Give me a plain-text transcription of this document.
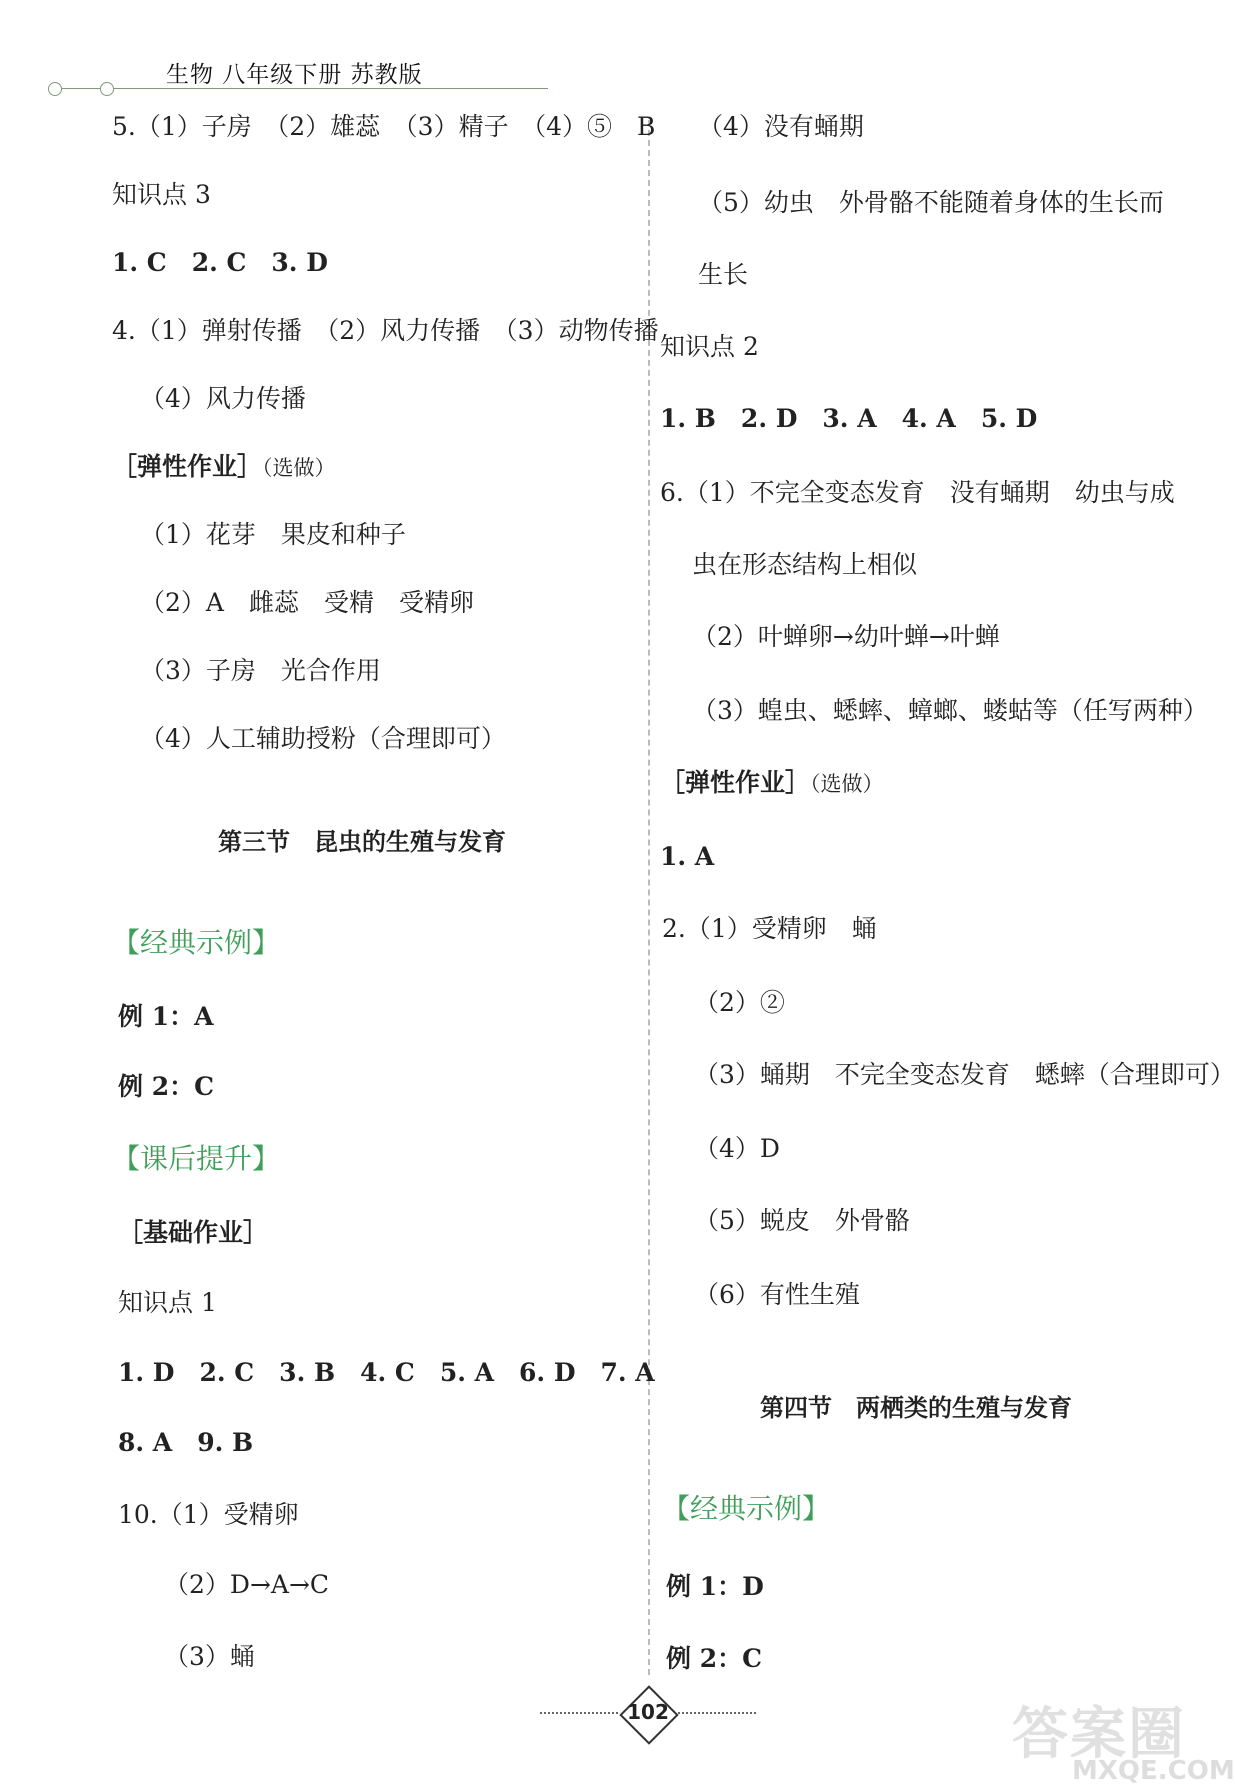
生物 八年级下册 苏教版
5.（1）子房　（2）雄蕊　（3）精子　（4）⑤　B
知识点 3
1. C　2. C　3. D
4.（1）弹射传播　（2）风力传播　（3）动物传播
（4）风力传播
［弹性作业］（选做）
（1）花芽　果皮和种子
（2）A　雌蕊　受精　受精卵
（3）子房　光合作用
（4）人工辅助授粉（合理即可）
第三节　昆虫的生殖与发育
【经典示例】
例 1：A
例 2：C
【课后提升】
［基础作业］
知识点 1
1. D　2. C　3. B　4. C　5. A　6. D　7. A
8. A　9. B
10.（1）受精卵
（2）D→A→C
（3）蛹
（4）没有蛹期
（5）幼虫　外骨骼不能随着身体的生长而
生长
知识点 2
1. B　2. D　3. A　4. A　5. D
6.（1）不完全变态发育　没有蛹期　幼虫与成
虫在形态结构上相似
（2）叶蝉卵→幼叶蝉→叶蝉
（3）蝗虫、蟋蟀、蟑螂、蝼蛄等（任写两种）
［弹性作业］（选做）
1. A
2.（1）受精卵　蛹
（2）②
（3）蛹期　不完全变态发育　蟋蟀（合理即可）
（4）D
（5）蜕皮　外骨骼
（6）有性生殖
第四节　两栖类的生殖与发育
【经典示例】
例 1：D
例 2：C
102	答案圈
MXQE.COM
